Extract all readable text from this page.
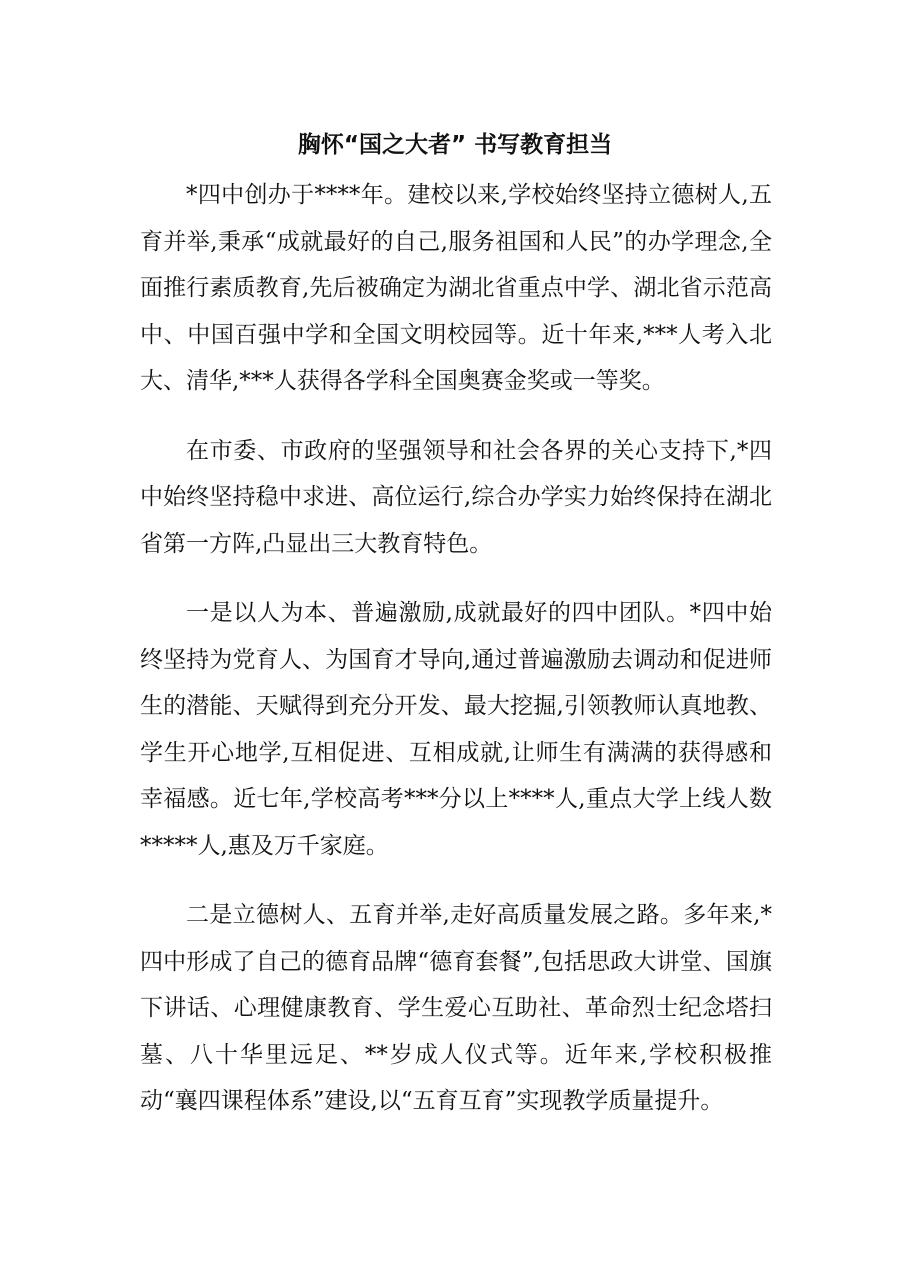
胸怀“国之大者” 书写教育担当

*四中创办于****年。建校以来,学校始终坚持立德树人,五育并举,秉承“成就最好的自己,服务祖国和人民”的办学理念,全面推行素质教育,先后被确定为湖北省重点中学、湖北省示范高中、中国百强中学和全国文明校园等。近十年来,***人考入北大、清华,***人获得各学科全国奥赛金奖或一等奖。

在市委、市政府的坚强领导和社会各界的关心支持下,*四中始终坚持稳中求进、高位运行,综合办学实力始终保持在湖北省第一方阵,凸显出三大教育特色。

一是以人为本、普遍激励,成就最好的四中团队。*四中始终坚持为党育人、为国育才导向,通过普遍激励去调动和促进师生的潜能、天赋得到充分开发、最大挖掘,引领教师认真地教、学生开心地学,互相促进、互相成就,让师生有满满的获得感和幸福感。近七年,学校高考***分以上****人,重点大学上线人数*****人,惠及万千家庭。

二是立德树人、五育并举,走好高质量发展之路。多年来,*四中形成了自己的德育品牌“德育套餐”,包括思政大讲堂、国旗下讲话、心理健康教育、学生爱心互助社、革命烈士纪念塔扫墓、八十华里远足、**岁成人仪式等。近年来,学校积极推动“襄四课程体系”建设,以“五育互育”实现教学质量提升。
